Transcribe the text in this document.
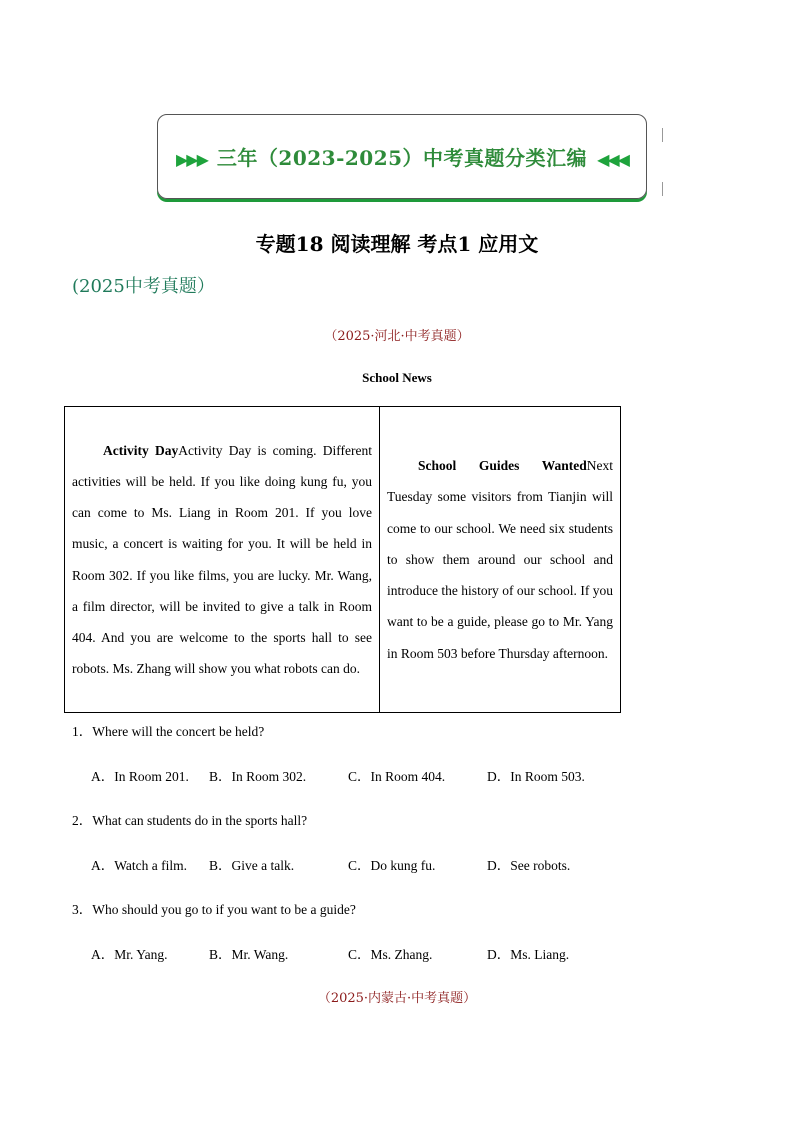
▶▶▶ 三年（2023-2025）中考真题分类汇编 ◀◀◀
专题18 阅读理解 考点1 应用文
(2025中考真题）
（2025·河北·中考真题）
School News
Activity DayActivity Day is coming. Different activities will be held. If you like doing kung fu, you can come to Ms. Liang in Room 201. If you love music, a concert is waiting for you. It will be held in Room 302. If you like films, you are lucky. Mr. Wang, a film director, will be invited to give a talk in Room 404. And you are welcome to the sports hall to see robots. Ms. Zhang will show you what robots can do.

School Guides WantedNext Tuesday some visitors from Tianjin will come to our school. We need six students to show them around our school and introduce the history of our school. If you want to be a guide, please go to Mr. Yang in Room 503 before Thursday afternoon.
1．Where will the concert be held?
A．In Room 201. B．In Room 302.	C．In Room 404.	D．In Room 503.
2．What can students do in the sports hall?
A．Watch a film. B．Give a talk.	C．Do kung fu.	D．See robots.
3．Who should you go to if you want to be a guide?
A．Mr. Yang.	B．Mr. Wang.	C．Ms. Zhang.	D．Ms. Liang.
（2025·内蒙古·中考真题）
